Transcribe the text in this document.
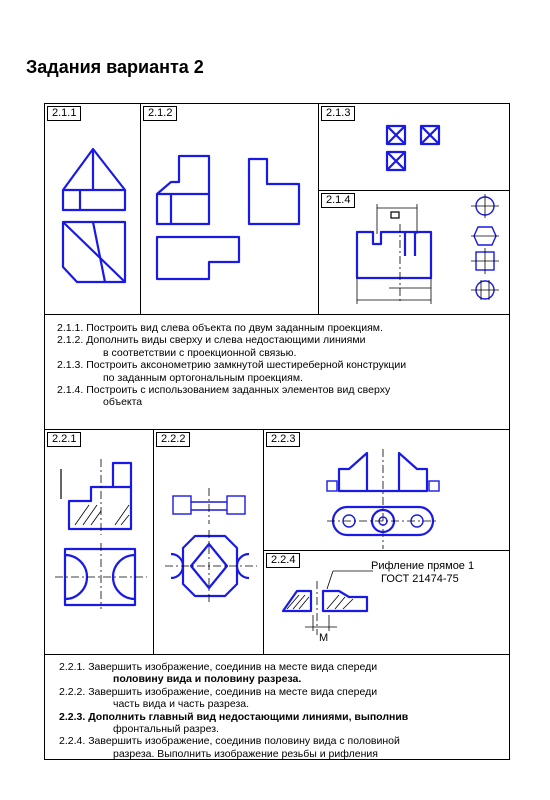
Задания варианта 2
2.1.1	2.1.2	2.1.3
2.1.4
2.2.1	2.2.2	2.2.3
2.2.4

2.1.1. Построить вид слева объекта по двум заданным проекциям.

2.1.2. Дополнить виды сверху и слева недостающими линиями

в соответствии с проекционной связью.

2.1.3. Построить аксонометрию замкнутой шестиреберной конструкции

по заданным ортогональным проекциям.

2.1.4. Построить с использованием заданных элементов вид сверху

объекта

Рифление прямое 1
ГОСТ 21474-75
М

2.2.1. Завершить изображение, соединив на месте вида спереди

половину вида и половину разреза.

2.2.2. Завершить изображение, соединив на месте вида спереди

часть вида и часть разреза.

2.2.3. Дополнить главный вид недостающими линиями, выполнив

фронтальный разрез.

2.2.4. Завершить изображение, соединив половину вида с половиной

разреза. Выполнить изображение резьбы и рифления
